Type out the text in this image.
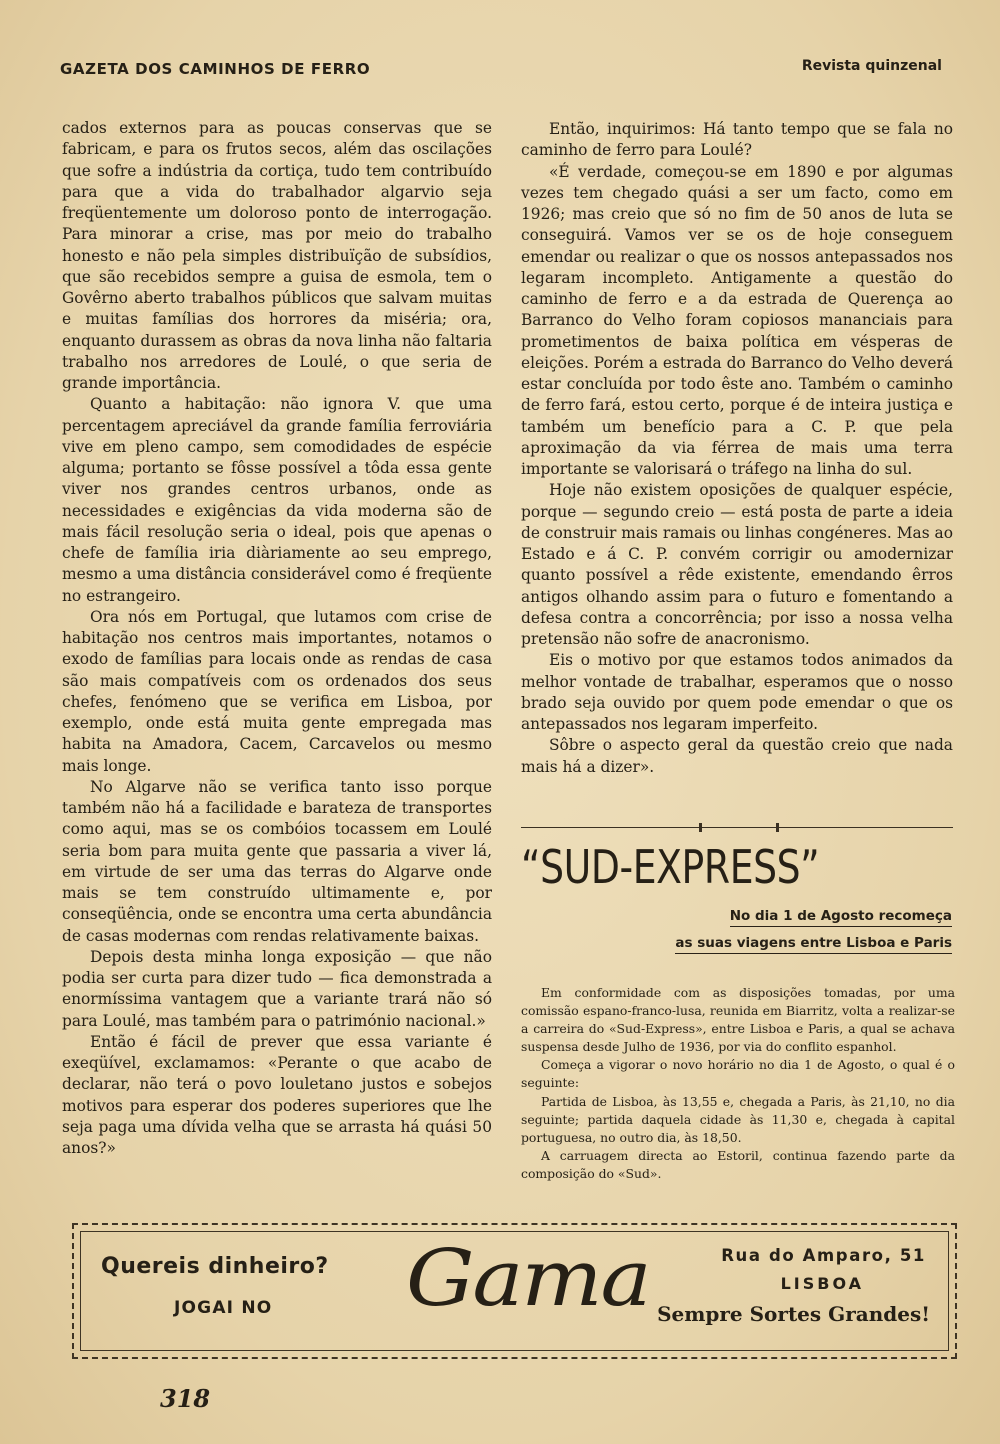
GAZETA DOS CAMINHOS DE FERRO	Revista quinzenal

cados externos para as poucas conservas que se fabricam, e para os frutos secos, além das oscilações que sofre a indústria da cortiça, tudo tem contribuído para que a vida do trabalhador algarvio seja freqüentemente um doloroso ponto de interrogação. Para minorar a crise, mas por meio do trabalho honesto e não pela simples distribuïção de subsídios, que são recebidos sempre a guisa de esmola, tem o Govêrno aberto trabalhos públicos que salvam muitas e muitas famílias dos horrores da miséria; ora, enquanto durassem as obras da nova linha não faltaria trabalho nos arredores de Loulé, o que seria de grande importância.

Quanto a habitação: não ignora V. que uma percentagem apreciável da grande família ferroviária vive em pleno campo, sem comodidades de espécie alguma; portanto se fôsse possível a tôda essa gente viver nos grandes centros urbanos, onde as necessidades e exigências da vida moderna são de mais fácil resolução seria o ideal, pois que apenas o chefe de família iria diàriamente ao seu emprego, mesmo a uma distância considerável como é freqüente no estrangeiro.

Ora nós em Portugal, que lutamos com crise de habitação nos centros mais importantes, notamos o exodo de famílias para locais onde as rendas de casa são mais compatíveis com os ordenados dos seus chefes, fenómeno que se verifica em Lisboa, por exemplo, onde está muita gente empregada mas habita na Amadora, Cacem, Carcavelos ou mesmo mais longe.

No Algarve não se verifica tanto isso porque também não há a facilidade e barateza de transportes como aqui, mas se os combóios tocassem em Loulé seria bom para muita gente que passaria a viver lá, em virtude de ser uma das terras do Algarve onde mais se tem construído ultimamente e, por conseqüência, onde se encontra uma certa abundância de casas modernas com rendas relativamente baixas.

Depois desta minha longa exposição — que não podia ser curta para dizer tudo — fica demonstrada a enormíssima vantagem que a variante trará não só para Loulé, mas também para o património nacional.»

Então é fácil de prever que essa variante é exeqüível, exclamamos: «Perante o que acabo de declarar, não terá o povo louletano justos e sobejos motivos para esperar dos poderes superiores que lhe seja paga uma dívida velha que se arrasta há quási 50 anos?»

Então, inquirimos: Há tanto tempo que se fala no caminho de ferro para Loulé?

«É verdade, começou-se em 1890 e por algumas vezes tem chegado quási a ser um facto, como em 1926; mas creio que só no fim de 50 anos de luta se conseguirá. Vamos ver se os de hoje conseguem emendar ou realizar o que os nossos antepassados nos legaram incompleto. Antigamente a questão do caminho de ferro e a da estrada de Querença ao Barranco do Velho foram copiosos mananciais para prometimentos de baixa política em vésperas de eleições. Porém a estrada do Barranco do Velho deverá estar concluída por todo êste ano. Também o caminho de ferro fará, estou certo, porque é de inteira justiça e também um benefício para a C. P. que pela aproximação da via férrea de mais uma terra importante se valorisará o tráfego na linha do sul.

Hoje não existem oposições de qualquer espécie, porque — segundo creio — está posta de parte a ideia de construir mais ramais ou linhas congéneres. Mas ao Estado e á C. P. convém corrigir ou amodernizar quanto possível a rêde existente, emendando êrros antigos olhando assim para o futuro e fomentando a defesa contra a concorrência; por isso a nossa velha pretensão não sofre de anacronismo.

Eis o motivo por que estamos todos animados da melhor vontade de trabalhar, esperamos que o nosso brado seja ouvido por quem pode emendar o que os antepassados nos legaram imperfeito.

Sôbre o aspecto geral da questão creio que nada mais há a dizer».

“SUD-EXPRESS”
No dia 1 de Agosto recomeça
as suas viagens entre Lisboa e Paris

Em conformidade com as disposições tomadas, por uma comissão espano-franco-lusa, reunida em Biarritz, volta a realizar-se a carreira do «Sud-Express», entre Lisboa e Paris, a qual se achava suspensa desde Julho de 1936, por via do conflito espanhol.

Começa a vigorar o novo horário no dia 1 de Agosto, o qual é o seguinte:

Partida de Lisboa, às 13,55 e, chegada a Paris, às 21,10, no dia seguinte; partida daquela cidade às 11,30 e, chegada à capital portuguesa, no outro dia, às 18,50.

A carruagem directa ao Estoril, continua fazendo parte da composição do «Sud».

Quereis dinheiro?
JOGAI NO Gama	Rua do Amparo, 51
LISBOA
Sempre Sortes Grandes!
318
